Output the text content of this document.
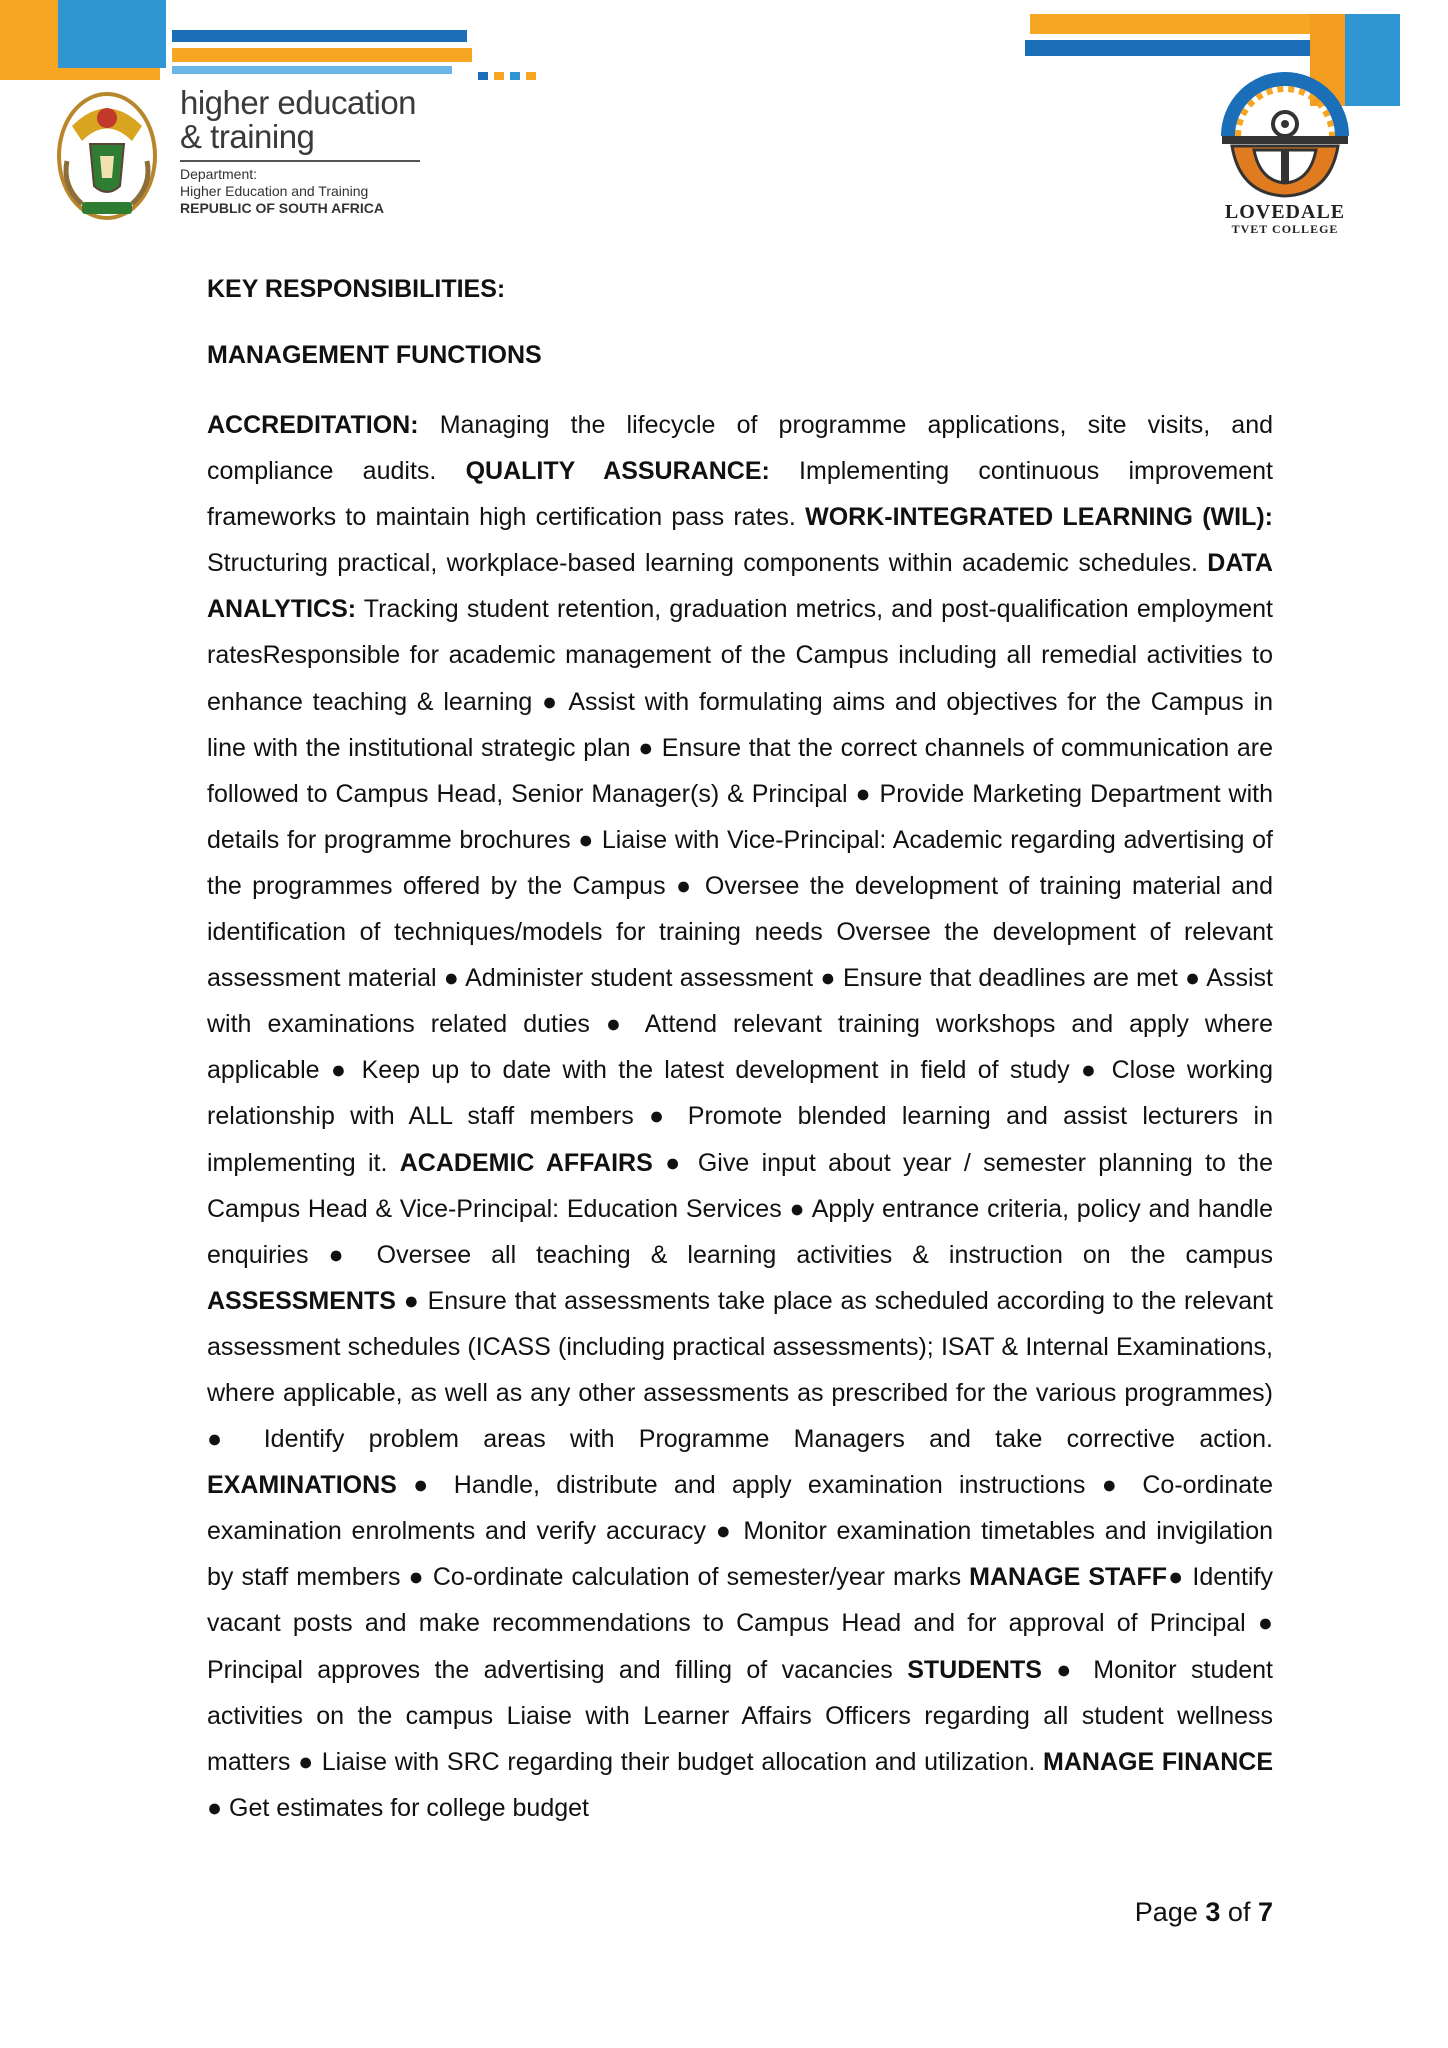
higher education
& training
Department:
Higher Education and Training
REPUBLIC OF SOUTH AFRICA	LOVEDALE
TVET COLLEGE

KEY RESPONSIBILITIES:

MANAGEMENT FUNCTIONS

ACCREDITATION: Managing the lifecycle of programme applications, site visits, and compliance audits. QUALITY ASSURANCE: Implementing continuous improvement frameworks to maintain high certification pass rates. WORK-INTEGRATED LEARNING (WIL): Structuring practical, workplace-based learning components within academic schedules. DATA ANALYTICS: Tracking student retention, graduation metrics, and post-qualification employment ratesResponsible for academic management of the Campus including all remedial activities to enhance teaching & learning ● Assist with formulating aims and objectives for the Campus in line with the institutional strategic plan ● Ensure that the correct channels of communication are followed to Campus Head, Senior Manager(s) & Principal ● Provide Marketing Department with details for programme brochures ● Liaise with Vice-Principal: Academic regarding advertising of the programmes offered by the Campus ● Oversee the development of training material and identification of techniques/models for training needs Oversee the development of relevant assessment material ● Administer student assessment ● Ensure that deadlines are met ● Assist with examinations related duties ● Attend relevant training workshops and apply where applicable ● Keep up to date with the latest development in field of study ● Close working relationship with ALL staff members ● Promote blended learning and assist lecturers in implementing it. ACADEMIC AFFAIRS ● Give input about year / semester planning to the Campus Head & Vice-Principal: Education Services ● Apply entrance criteria, policy and handle enquiries ● Oversee all teaching & learning activities & instruction on the campus ASSESSMENTS ● Ensure that assessments take place as scheduled according to the relevant assessment schedules (ICASS (including practical assessments); ISAT & Internal Examinations, where applicable, as well as any other assessments as prescribed for the various programmes) ● Identify problem areas with Programme Managers and take corrective action. EXAMINATIONS ● Handle, distribute and apply examination instructions ● Co-ordinate examination enrolments and verify accuracy ● Monitor examination timetables and invigilation by staff members ● Co-ordinate calculation of semester/year marks MANAGE STAFF● Identify vacant posts and make recommendations to Campus Head and for approval of Principal ● Principal approves the advertising and filling of vacancies STUDENTS ● Monitor student activities on the campus Liaise with Learner Affairs Officers regarding all student wellness matters ● Liaise with SRC regarding their budget allocation and utilization. MANAGE FINANCE ● Get estimates for college budget

Page 3 of 7
